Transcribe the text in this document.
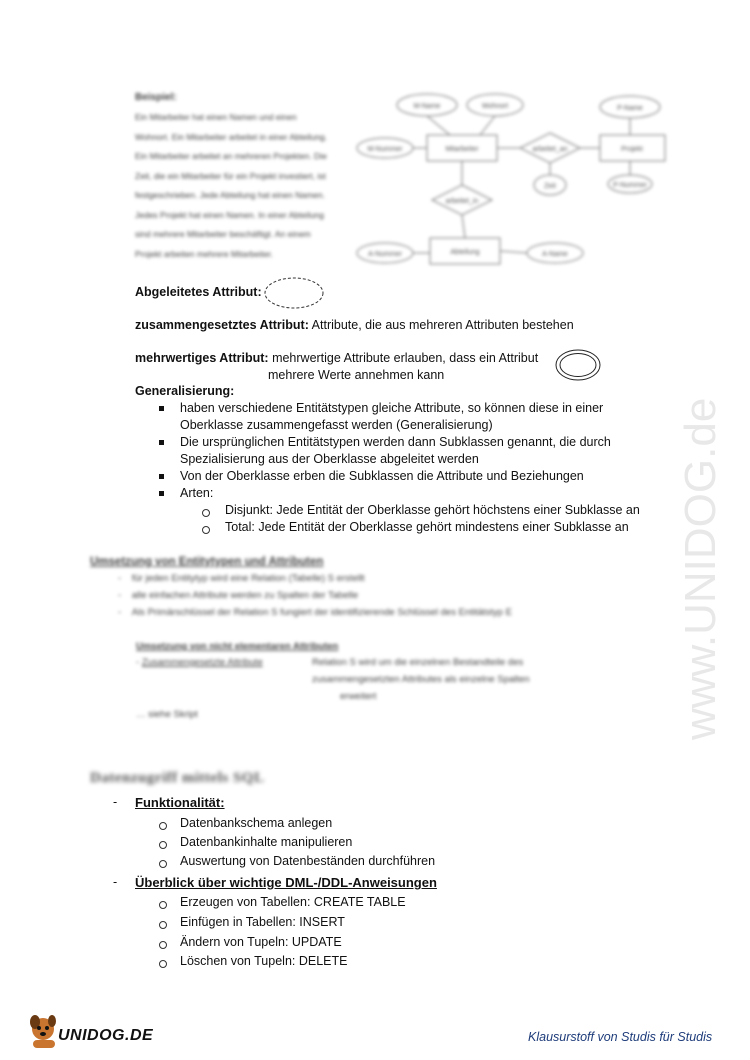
Beispiel:
Ein Mitarbeiter hat einen Namen und einen
Wohnort. Ein Mitarbeiter arbeitet in einer Abteilung.
Ein Mitarbeiter arbeitet an mehreren Projekten. Die
Zeit, die ein Mitarbeiter für ein Projekt investiert, ist
festgeschrieben. Jede Abteilung hat einen Namen.
Jedes Projekt hat einen Namen. In einer Abteilung
sind mehrere Mitarbeiter beschäftigt. An einem
Projekt arbeiten mehrere Mitarbeiter.
M-Name	Wohnort	P-Name
M-Nummer	Mitarbeiter	arbeitet_an	Projekt
Zeit	P-Nummer
arbeitet_in
A-Nummer	Abteilung	A-Name
Abgeleitetes Attribut:
zusammengesetztes Attribut: Attribute, die aus mehreren Attributen bestehen
mehrwertiges Attribut: mehrwertige Attribute erlauben, dass ein Attribut
mehrere Werte annehmen kann
Generalisierung:
haben verschiedene Entitätstypen gleiche Attribute, so können diese in einer
Oberklasse zusammengefasst werden (Generalisierung)
Die ursprünglichen Entitätstypen werden dann Subklassen genannt, die durch
Spezialisierung aus der Oberklasse abgeleitet werden
Von der Oberklasse erben die Subklassen die Attribute und Beziehungen
Arten:
Disjunkt: Jede Entität der Oberklasse gehört höchstens einer Subklasse an
Total: Jede Entität der Oberklasse gehört mindestens einer Subklasse an
Umsetzung von Entitytypen und Attributen
-    für jeden Entitytyp wird eine Relation (Tabelle) S erstellt
-    alle einfachen Attribute werden zu Spalten der Tabelle
-    Als Primärschlüssel der Relation S fungiert der identifizierende Schlüssel des Entitätstyp E
Umsetzung von nicht elementaren Attributen
- Zusammengesetzte Attribute	Relation S wird um die einzelnen Bestandteile des
zusammengesetzten Attributes als einzelne Spalten
erweitert
… siehe Skript
Datenzugriff mittels SQL
- Funktionalität:
Datenbankschema anlegen
Datenbankinhalte manipulieren
Auswertung von Datenbeständen durchführen
- Überblick über wichtige DML-/DDL-Anweisungen
Erzeugen von Tabellen: CREATE TABLE
Einfügen in Tabellen: INSERT
Ändern von Tupeln: UPDATE
Löschen von Tupeln: DELETE
www.UNIDOG.de
UNIDOG.DE	Klausurstoff von Studis für Studis
